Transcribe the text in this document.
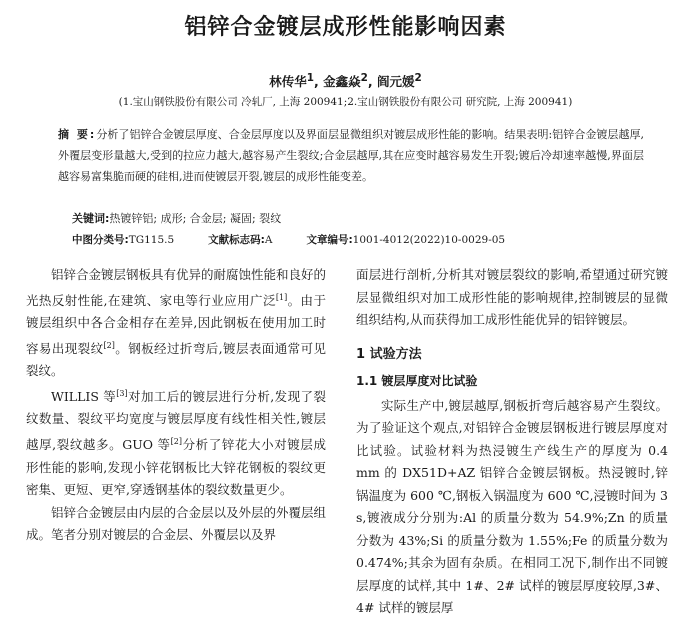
铝锌合金镀层成形性能影响因素
林传华$^1$, 金鑫焱$^2$, 阎元媛$^2$
(1.宝山钢铁股份有限公司 冷轧厂, 上海 200941;2.宝山钢铁股份有限公司 研究院, 上海 200941)
摘 要:分析了铝锌合金镀层厚度、合金层厚度以及界面层显微组织对镀层成形性能的影响。结果表明:铝锌合金镀层越厚,外覆层变形量越大,受到的拉应力越大,越容易产生裂纹;合金层越厚,其在应变时越容易发生开裂;镀后冷却速率越慢,界面层越容易富集脆而硬的硅相,进而使镀层开裂,镀层的成形性能变差。
关键词:热镀锌铝; 成形; 合金层; 凝固; 裂纹
中图分类号:TG115.5	文献标志码:A	文章编号:1001-4012(2022)10-0029-05

铝锌合金镀层钢板具有优异的耐腐蚀性能和良好的光热反射性能,在建筑、家电等行业应用广泛[1]。由于镀层组织中各合金相存在差异,因此钢板在使用加工时容易出现裂纹[2]。钢板经过折弯后,镀层表面通常可见裂纹。

WILLIS 等[3]对加工后的镀层进行分析,发现了裂纹数量、裂纹平均宽度与镀层厚度有线性相关性,镀层越厚,裂纹越多。GUO 等[2]分析了锌花大小对镀层成形性能的影响,发现小锌花钢板比大锌花钢板的裂纹更密集、更短、更窄,穿透钢基体的裂纹数量更少。

铝锌合金镀层由内层的合金层以及外层的外覆层组成。笔者分别对镀层的合金层、外覆层以及界

面层进行剖析,分析其对镀层裂纹的影响,希望通过研究镀层显微组织对加工成形性能的影响规律,控制镀层的显微组织结构,从而获得加工成形性能优异的铝锌镀层。

1 试验方法
1.1 镀层厚度对比试验

实际生产中,镀层越厚,钢板折弯后越容易产生裂纹。为了验证这个观点,对铝锌合金镀层钢板进行镀层厚度对比试验。试验材料为热浸镀生产线生产的厚度为 0.4 mm 的 DX51D+AZ 铝锌合金镀层钢板。热浸镀时,锌锅温度为 600 ℃,钢板入锅温度为 600 ℃,浸镀时间为 3 s,镀液成分分别为:Al 的质量分数为 54.9%;Zn 的质量分数为 43%;Si 的质量分数为 1.55%;Fe 的质量分数为 0.474%;其余为固有杂质。在相同工况下,制作出不同镀层厚度的试样,其中 1#、2# 试样的镀层厚度较厚,3#、4# 试样的镀层厚
